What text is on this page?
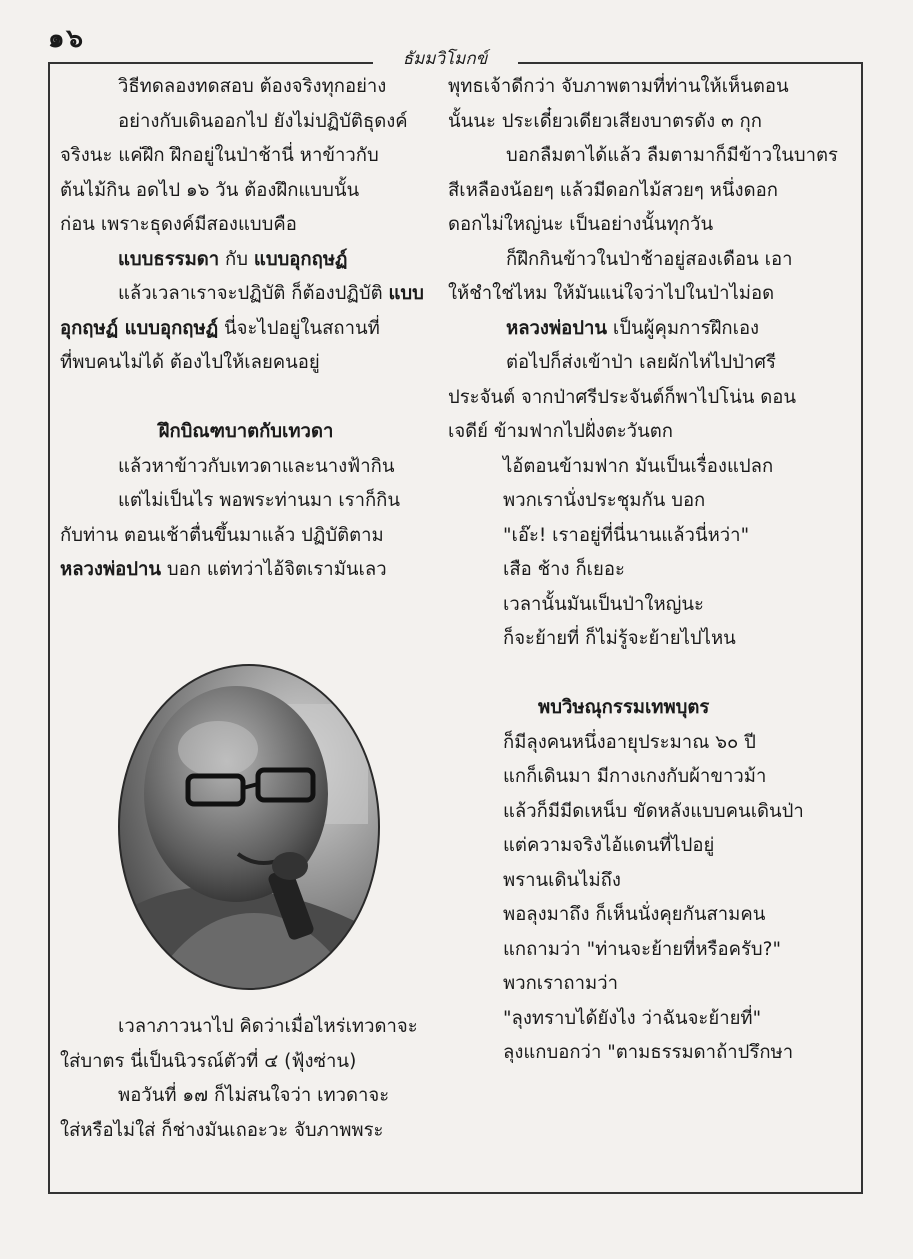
๑๖
ธัมมวิโมกข์
วิธีทดลองทดสอบ ต้องจริงทุกอย่าง
อย่างกับเดินออกไป ยังไม่ปฏิบัติธุดงค์
จริงนะ แค่ฝึก ฝึกอยู่ในป่าช้านี่ หาข้าวกับ
ต้นไม้กิน อดไป ๑๖ วัน ต้องฝึกแบบนั้น
ก่อน เพราะธุดงค์มีสองแบบคือ
แบบธรรมดา กับ แบบอุกฤษฏ์
แล้วเวลาเราจะปฏิบัติ ก็ต้องปฏิบัติ แบบ
อุกฤษฏ์ แบบอุกฤษฏ์ นี่จะไปอยู่ในสถานที่
ที่พบคนไม่ได้ ต้องไปให้เลยคนอยู่
ฝึกบิณฑบาตกับเทวดา
แล้วหาข้าวกับเทวดาและนางฟ้ากิน
แต่ไม่เป็นไร พอพระท่านมา เราก็กิน
กับท่าน ตอนเช้าตื่นขึ้นมาแล้ว ปฏิบัติตาม
หลวงพ่อปาน บอก แต่ทว่าไอ้จิตเรามันเลว
เวลาภาวนาไป คิดว่าเมื่อไหร่เทวดาจะ
ใส่บาตร นี่เป็นนิวรณ์ตัวที่ ๔ (ฟุ้งซ่าน)
พอวันที่ ๑๗ ก็ไม่สนใจว่า เทวดาจะ
ใส่หรือไม่ใส่ ก็ช่างมันเถอะวะ จับภาพพระ
พุทธเจ้าดีกว่า จับภาพตามที่ท่านให้เห็นตอน
นั้นนะ ประเดี๋ยวเดียวเสียงบาตรดัง ๓ กุก
บอกลืมตาได้แล้ว ลืมตามาก็มีข้าวในบาตร
สีเหลืองน้อยๆ แล้วมีดอกไม้สวยๆ หนึ่งดอก
ดอกไม่ใหญ่นะ เป็นอย่างนั้นทุกวัน
ก็ฝึกกินข้าวในป่าช้าอยู่สองเดือน เอา
ให้ชำใช่ไหม ให้มันแน่ใจว่าไปในป่าไม่อด
หลวงพ่อปาน เป็นผู้คุมการฝึกเอง
ต่อไปก็ส่งเข้าป่า เลยผักไห่ไปป่าศรี
ประจันต์ จากป่าศรีประจันต์ก็พาไปโน่น ดอน
เจดีย์ ข้ามฟากไปฝั่งตะวันตก
ไอ้ตอนข้ามฟาก มันเป็นเรื่องแปลก
พวกเรานั่งประชุมกัน บอก
"เอ๊ะ! เราอยู่ที่นี่นานแล้วนี่หว่า"
เสือ ช้าง ก็เยอะ
เวลานั้นมันเป็นป่าใหญ่นะ
ก็จะย้ายที่ ก็ไม่รู้จะย้ายไปไหน
พบวิษณุกรรมเทพบุตร
ก็มีลุงคนหนึ่งอายุประมาณ ๖๐ ปี
แกก็เดินมา มีกางเกงกับผ้าขาวม้า
แล้วก็มีมีดเหน็บ ขัดหลังแบบคนเดินป่า
แต่ความจริงไอ้แดนที่ไปอยู่
พรานเดินไม่ถึง
พอลุงมาถึง ก็เห็นนั่งคุยกันสามคน
แกถามว่า "ท่านจะย้ายที่หรือครับ?"
พวกเราถามว่า
"ลุงทราบได้ยังไง ว่าฉันจะย้ายที่"
ลุงแกบอกว่า "ตามธรรมดาถ้าปรึกษา
